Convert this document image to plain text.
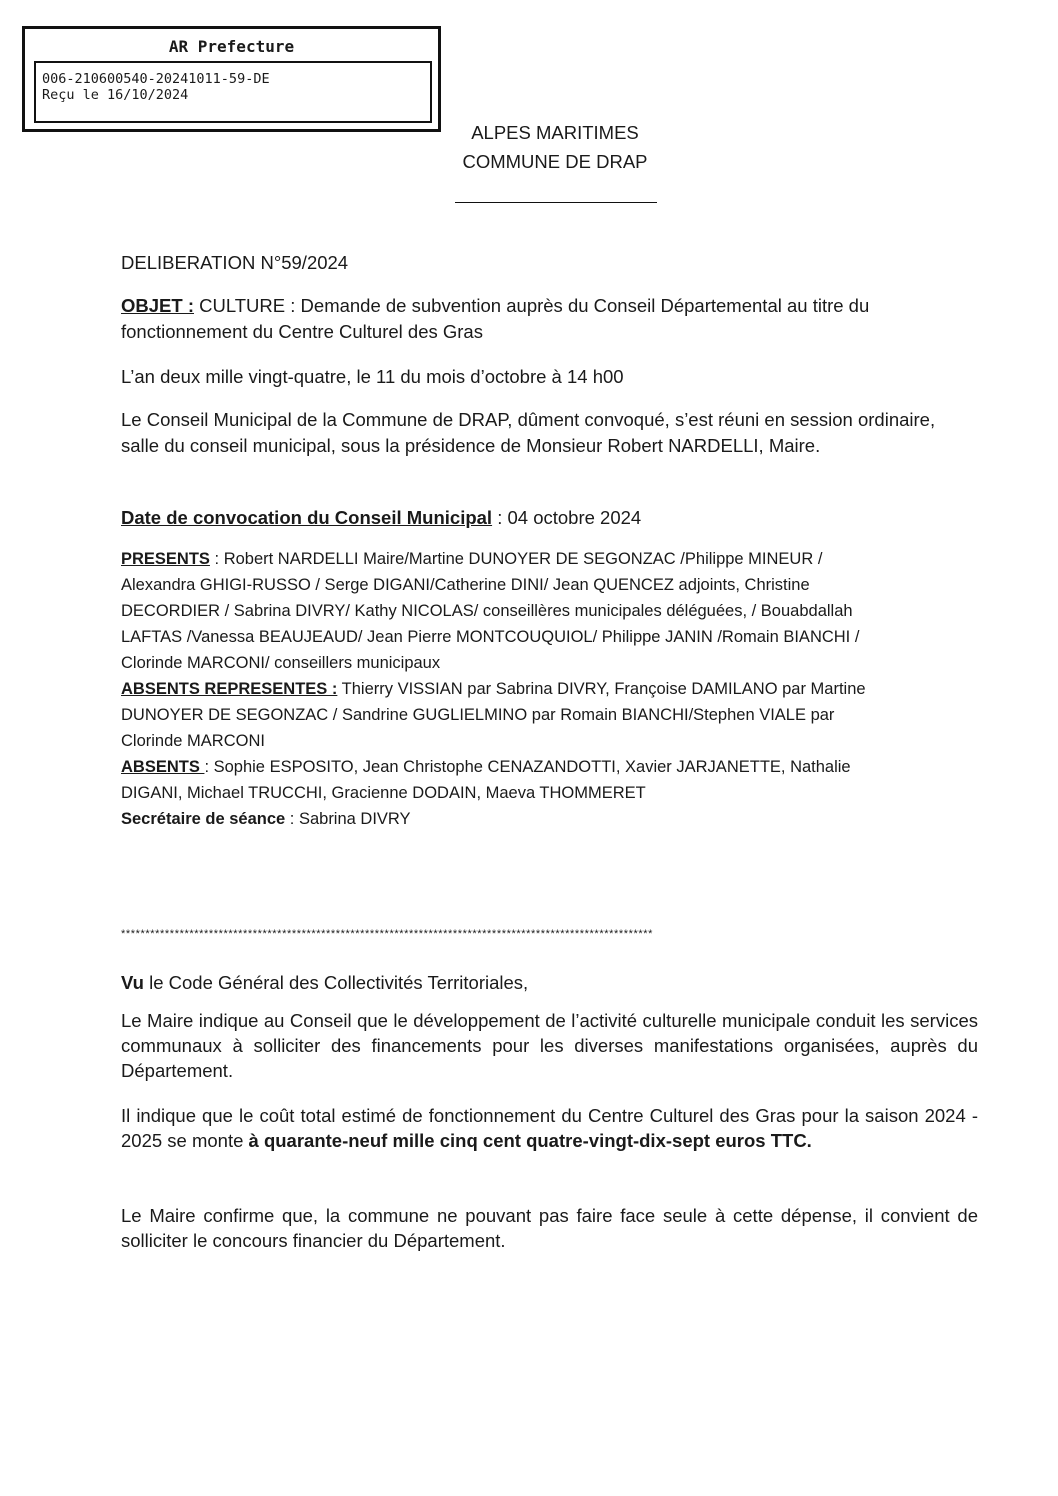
AR Prefecture
006-210600540-20241011-59-DE
Reçu le 16/10/2024
ALPES MARITIMES
COMMUNE DE DRAP
DELIBERATION N°59/2024
OBJET : CULTURE : Demande de subvention auprès du Conseil Départemental au titre du fonctionnement du Centre Culturel des Gras
L’an deux mille vingt-quatre, le 11 du mois d’octobre à 14 h00
Le Conseil Municipal de la Commune de DRAP, dûment convoqué, s’est réuni en session ordinaire, salle du conseil municipal, sous la présidence de Monsieur Robert NARDELLI, Maire.
Date de convocation du Conseil Municipal : 04 octobre 2024
PRESENTS : Robert NARDELLI Maire/Martine DUNOYER DE SEGONZAC /Philippe MINEUR / Alexandra GHIGI-RUSSO / Serge DIGANI/Catherine DINI/ Jean QUENCEZ adjoints, Christine DECORDIER / Sabrina DIVRY/ Kathy NICOLAS/ conseillères municipales déléguées, / Bouabdallah LAFTAS /Vanessa BEAUJEAUD/ Jean Pierre MONTCOUQUIOL/ Philippe JANIN /Romain BIANCHI / Clorinde MARCONI/ conseillers municipaux
ABSENTS REPRESENTES : Thierry VISSIAN par Sabrina DIVRY, Françoise DAMILANO par Martine DUNOYER DE SEGONZAC / Sandrine GUGLIELMINO par Romain BIANCHI/Stephen VIALE par Clorinde MARCONI
ABSENTS : Sophie ESPOSITO, Jean Christophe CENAZANDOTTI, Xavier JARJANETTE, Nathalie DIGANI, Michael TRUCCHI, Gracienne DODAIN, Maeva THOMMERET
Secrétaire de séance : Sabrina DIVRY
*************************************************************************************************************
Vu le Code Général des Collectivités Territoriales,
Le Maire indique au Conseil que le développement de l’activité culturelle municipale conduit les services communaux à solliciter des financements pour les diverses manifestations organisées, auprès du Département.
Il indique que le coût total estimé de fonctionnement du Centre Culturel des Gras pour la saison 2024 - 2025 se monte à quarante-neuf mille cinq cent quatre-vingt-dix-sept euros TTC.
Le Maire confirme que, la commune ne pouvant pas faire face seule à cette dépense, il convient de solliciter le concours financier du Département.
